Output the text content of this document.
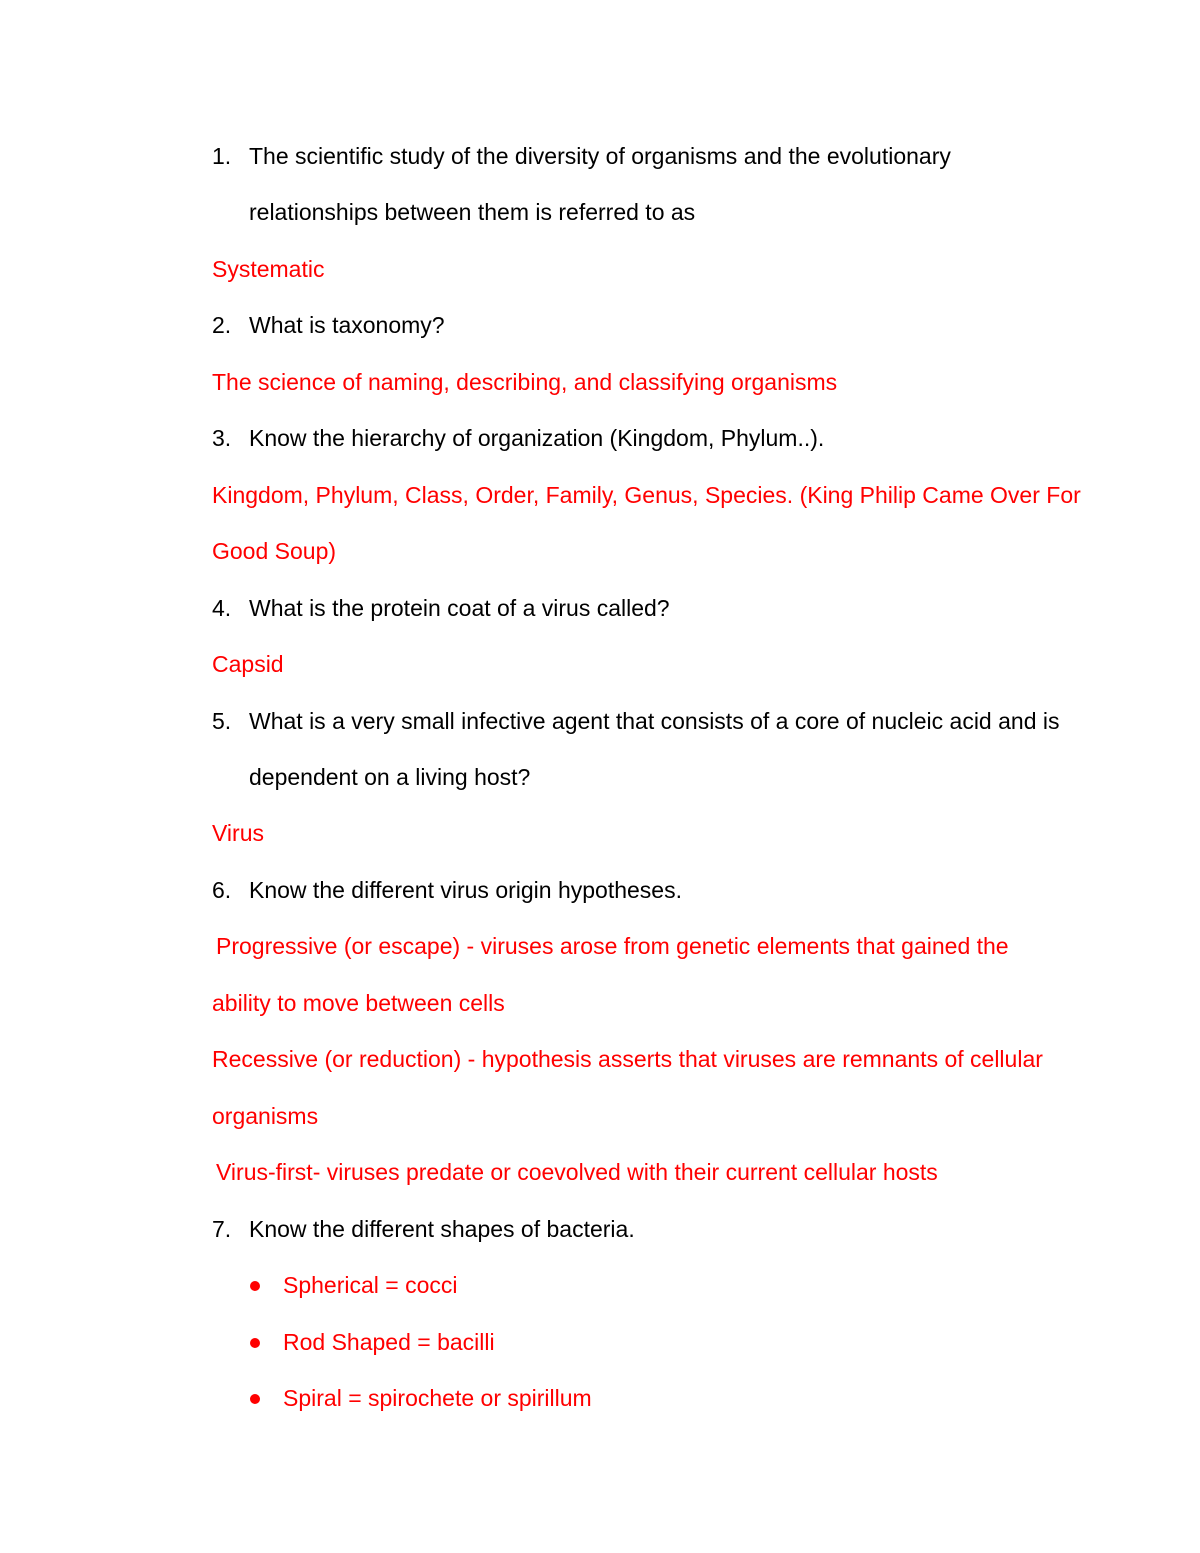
1. The scientific study of the diversity of organisms and the evolutionary
relationships between them is referred to as
Systematic
2. What is taxonomy?
The science of naming, describing, and classifying organisms
3. Know the hierarchy of organization (Kingdom, Phylum..).
Kingdom, Phylum, Class, Order, Family, Genus, Species. (King Philip Came Over For
Good Soup)
4. What is the protein coat of a virus called?
Capsid
5. What is a very small infective agent that consists of a core of nucleic acid and is
dependent on a living host?
Virus
6. Know the different virus origin hypotheses.
Progressive (or escape) - viruses arose from genetic elements that gained the
ability to move between cells
Recessive (or reduction) - hypothesis asserts that viruses are remnants of cellular
organisms
Virus-first- viruses predate or coevolved with their current cellular hosts
7. Know the different shapes of bacteria.
Spherical = cocci
Rod Shaped = bacilli
Spiral = spirochete or spirillum
